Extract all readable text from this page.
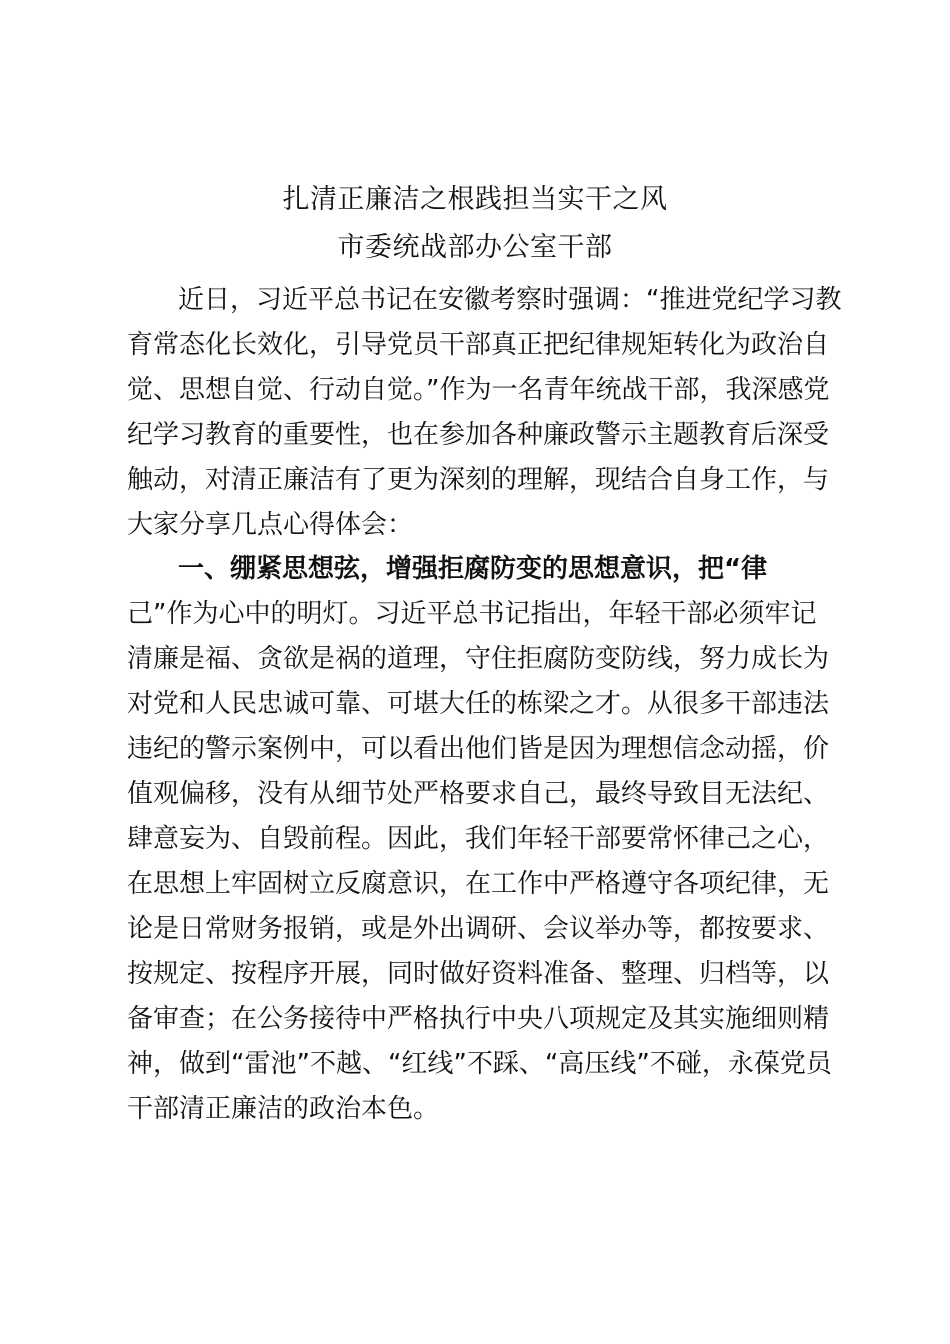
扎清正廉洁之根践担当实干之风
市委统战部办公室干部

近日，习近平总书记在安徽考察时强调：“推进党纪学习教

育常态化长效化，引导党员干部真正把纪律规矩转化为政治自

觉、思想自觉、行动自觉。”作为一名青年统战干部，我深感党

纪学习教育的重要性，也在参加各种廉政警示主题教育后深受

触动，对清正廉洁有了更为深刻的理解，现结合自身工作，与

大家分享几点心得体会：

一、绷紧思想弦，增强拒腐防变的思想意识，把“律

己”作为心中的明灯。习近平总书记指出，年轻干部必须牢记

清廉是福、贪欲是祸的道理，守住拒腐防变防线，努力成长为

对党和人民忠诚可靠、可堪大任的栋梁之才。从很多干部违法

违纪的警示案例中，可以看出他们皆是因为理想信念动摇，价

值观偏移，没有从细节处严格要求自己，最终导致目无法纪、

肆意妄为、自毁前程。因此，我们年轻干部要常怀律己之心，

在思想上牢固树立反腐意识，在工作中严格遵守各项纪律，无

论是日常财务报销，或是外出调研、会议举办等，都按要求、

按规定、按程序开展，同时做好资料准备、整理、归档等，以

备审查；在公务接待中严格执行中央八项规定及其实施细则精

神，做到“雷池”不越、“红线”不踩、“高压线”不碰，永葆党员

干部清正廉洁的政治本色。
